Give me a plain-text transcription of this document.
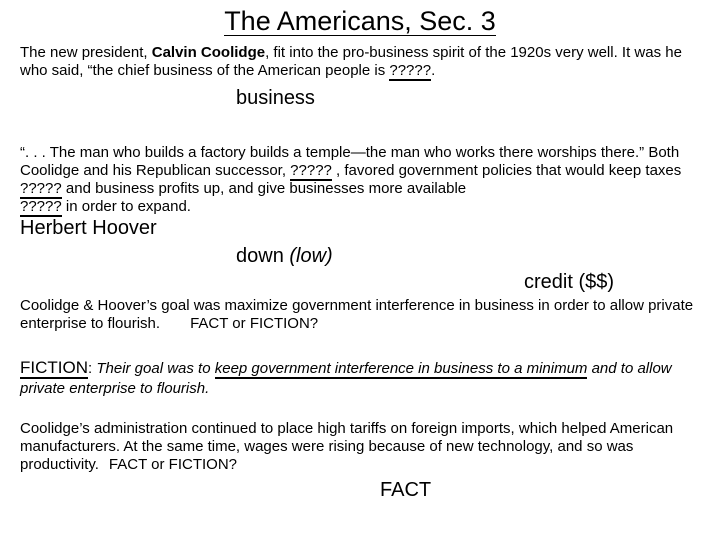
The Americans, Sec. 3
The new president, Calvin Coolidge, fit into the pro-business spirit of the 1920s very well. It was he who said, “the chief business of the American people is ?????.
business
“. . . The man who builds a factory builds a temple—the man who works there worships there.” Both Coolidge and his Republican successor, ????? , favored government policies that would keep taxes ????? and business profits up, and give businesses more available
????? in order to expand.
Herbert Hoover
down (low)
credit ($$)
Coolidge & Hoover’s goal was maximize government interference in business in order to allow private enterprise to flourish. FACT or FICTION?
FICTION: Their goal was to keep government interference in business to a minimum and to allow private enterprise to flourish.
Coolidge’s administration continued to place high tariffs on foreign imports, which helped American manufacturers. At the same time, wages were rising because of new technology, and so was productivity. FACT or FICTION?
FACT
